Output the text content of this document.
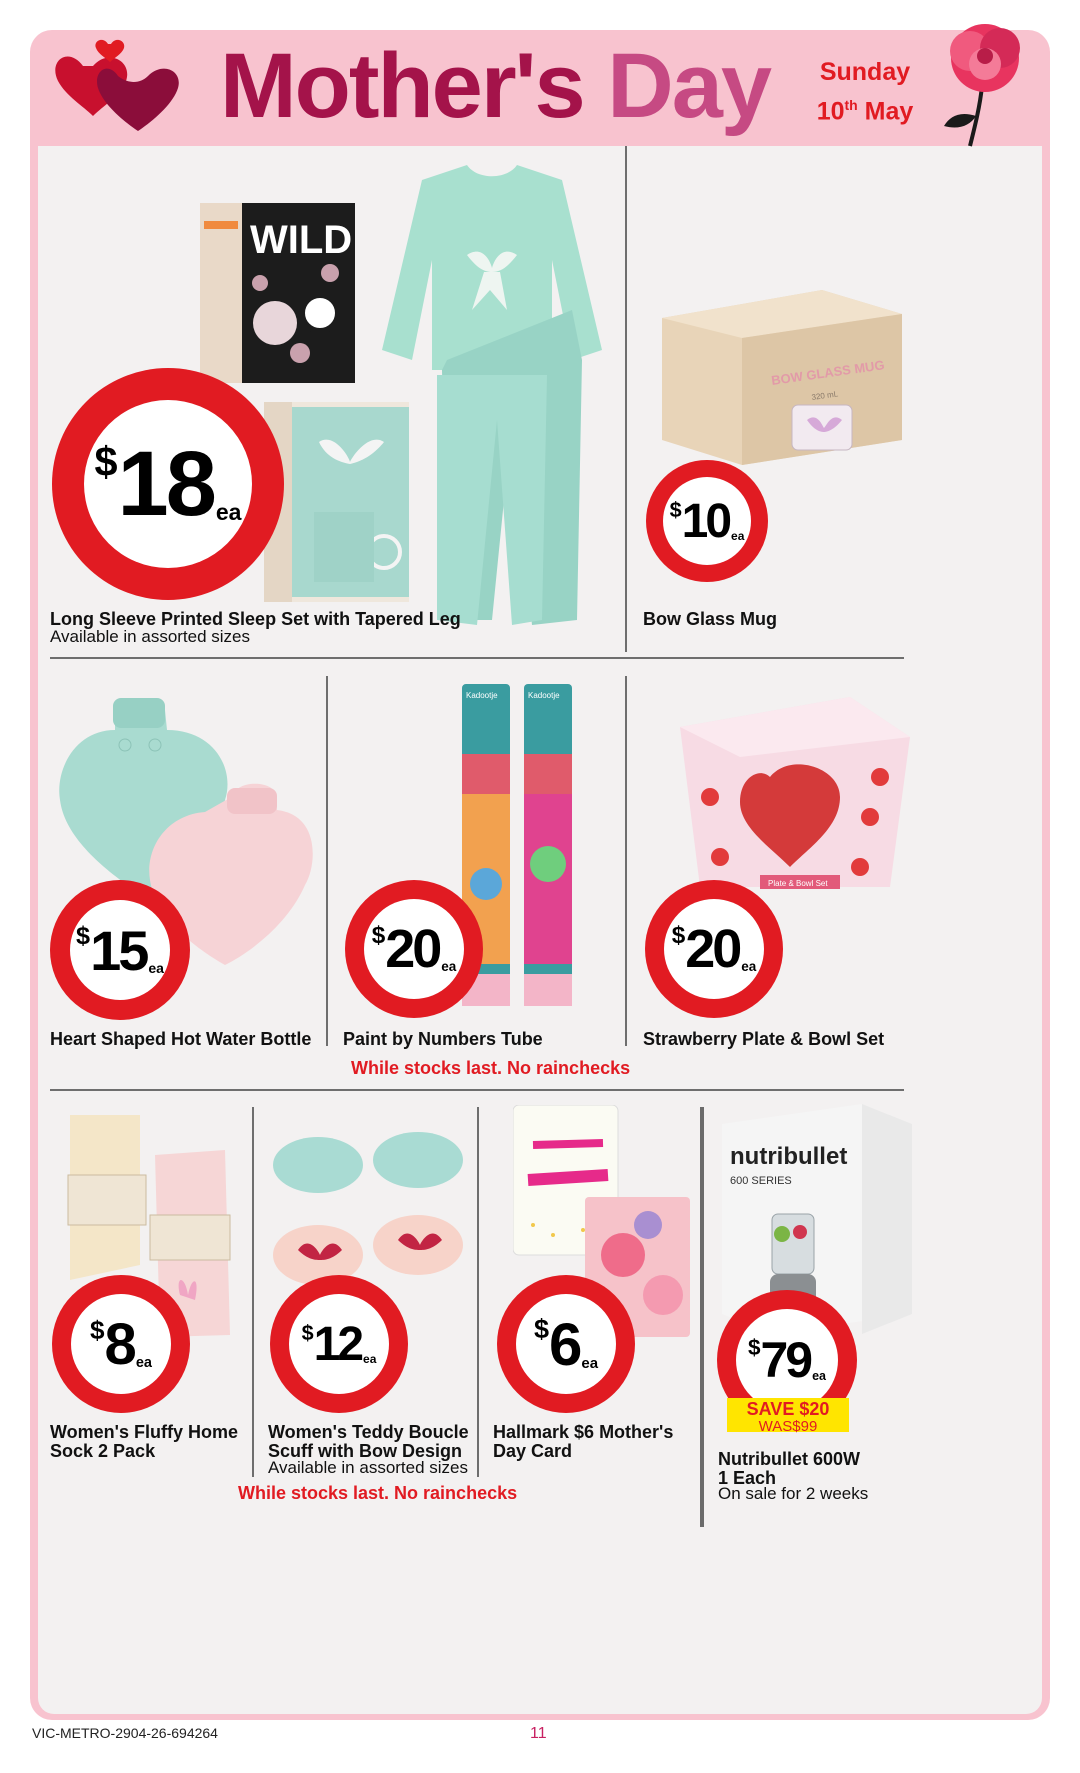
Mother's Day	Sunday
10th May
WILD
$ 18 ea
Long Sleeve Printed Sleep Set with Tapered Leg
Available in assorted sizes
BOW GLASS MUG
320 mL
$ 10 ea
Bow Glass Mug
$ 15 ea
Heart Shaped Hot Water Bottle
Kadootje	Kadootje
$ 20 ea
Paint by Numbers Tube
Plate & Bowl Set
$ 20 ea
Strawberry Plate & Bowl Set
While stocks last. No rainchecks
$ 8 ea
Women's Fluffy Home
Sock 2 Pack
$ 12 ea
Women's Teddy Boucle
Scuff with Bow Design
Available in assorted sizes
$ 6 ea
Hallmark $6 Mother's
Day Card
nutribullet
600 SERIES
$ 79 ea
SAVE $20
WAS$99
Nutribullet 600W
1 Each
On sale for 2 weeks
While stocks last. No rainchecks
VIC-METRO-2904-26-694264	11
